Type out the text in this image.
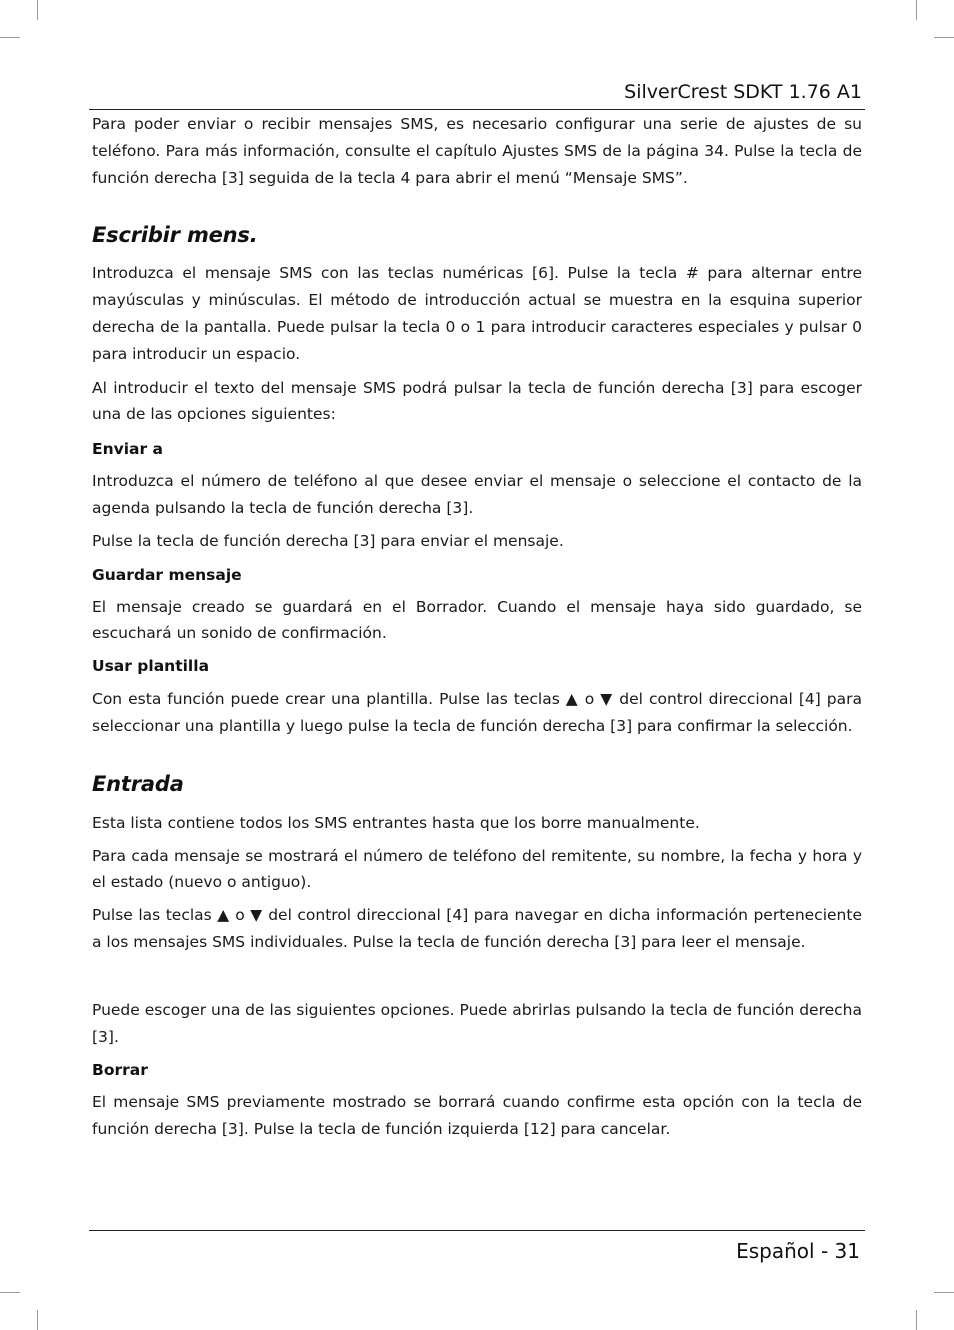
SilverCrest SDKT 1.76 A1

Para poder enviar o recibir mensajes SMS, es necesario configurar una serie de ajustes de su teléfono. Para más información, consulte el capítulo Ajustes SMS de la página 34. Pulse la tecla de función derecha [3] seguida de la tecla 4 para abrir el menú “Mensaje SMS”.

Escribir mens.

Introduzca el mensaje SMS con las teclas numéricas [6]. Pulse la tecla # para alternar entre mayúsculas y minúsculas. El método de introducción actual se muestra en la esquina superior derecha de la pantalla. Puede pulsar la tecla 0 o 1 para introducir caracteres especiales y pulsar 0 para introducir un espacio.

Al introducir el texto del mensaje SMS podrá pulsar la tecla de función derecha [3] para escoger una de las opciones siguientes:

Enviar a

Introduzca el número de teléfono al que desee enviar el mensaje o seleccione el contacto de la agenda pulsando la tecla de función derecha [3].

Pulse la tecla de función derecha [3] para enviar el mensaje.

Guardar mensaje

El mensaje creado se guardará en el Borrador. Cuando el mensaje haya sido guardado, se escuchará un sonido de confirmación.

Usar plantilla

Con esta función puede crear una plantilla. Pulse las teclas ▲ o ▼ del control direccional [4] para seleccionar una plantilla y luego pulse la tecla de función derecha [3] para confirmar la selección.

Entrada

Esta lista contiene todos los SMS entrantes hasta que los borre manualmente.

Para cada mensaje se mostrará el número de teléfono del remitente, su nombre, la fecha y hora y el estado (nuevo o antiguo).

Pulse las teclas ▲ o ▼ del control direccional [4] para navegar en dicha información perteneciente a los mensajes SMS individuales. Pulse la tecla de función derecha [3] para leer el mensaje.

Puede escoger una de las siguientes opciones. Puede abrirlas pulsando la tecla de función derecha [3].

Borrar

El mensaje SMS previamente mostrado se borrará cuando confirme esta opción con la tecla de función derecha [3]. Pulse la tecla de función izquierda [12] para cancelar.

Español - 31
